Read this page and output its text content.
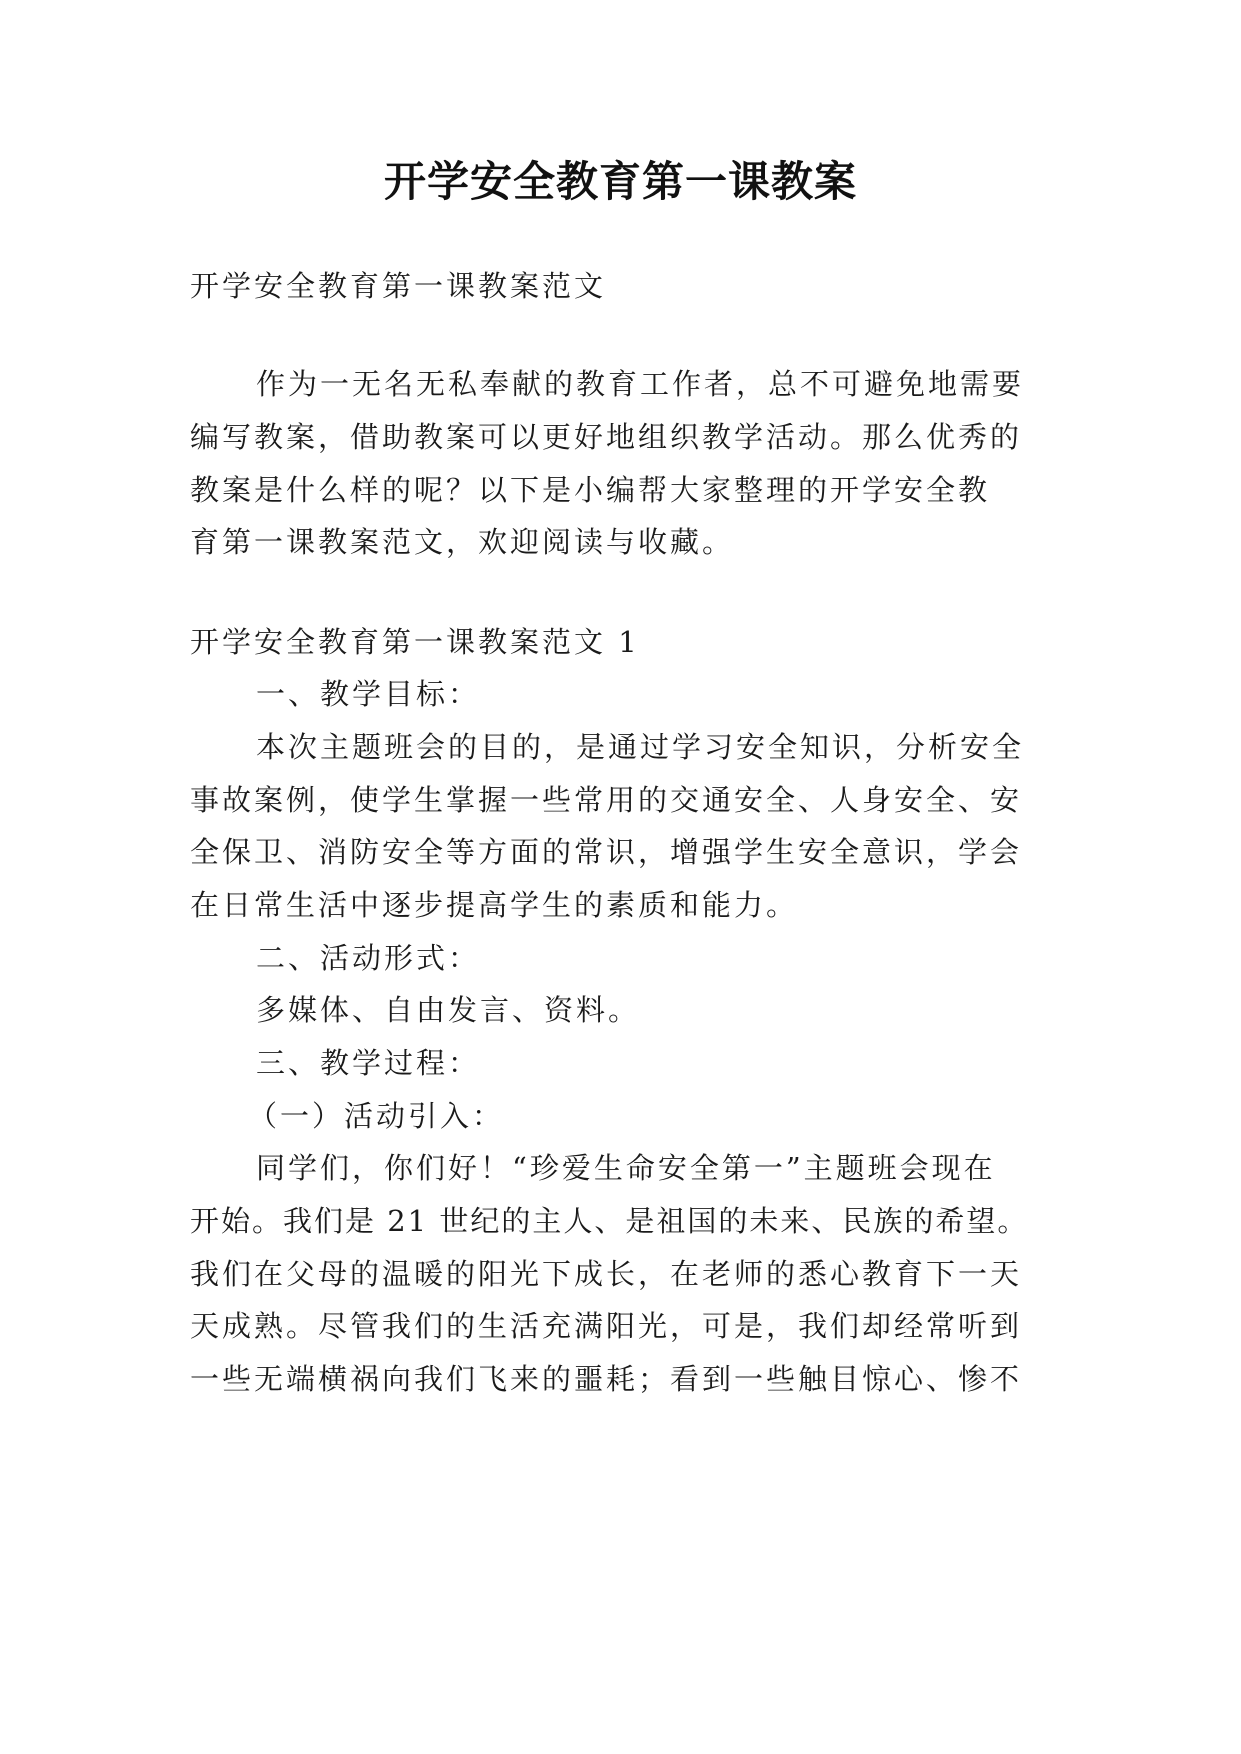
开学安全教育第一课教案
开学安全教育第一课教案范文
作为一无名无私奉献的教育工作者，总不可避免地需要
编写教案，借助教案可以更好地组织教学活动。那么优秀的
教案是什么样的呢？以下是小编帮大家整理的开学安全教
育第一课教案范文，欢迎阅读与收藏。
开学安全教育第一课教案范文 1
一、教学目标：
本次主题班会的目的，是通过学习安全知识，分析安全
事故案例，使学生掌握一些常用的交通安全、人身安全、安
全保卫、消防安全等方面的常识，增强学生安全意识，学会
在日常生活中逐步提高学生的素质和能力。
二、活动形式：
多媒体、自由发言、资料。
三、教学过程：
（一）活动引入：
同学们，你们好！“珍爱生命安全第一”主题班会现在
开始。我们是 21 世纪的主人、是祖国的未来、民族的希望。
我们在父母的温暖的阳光下成长，在老师的悉心教育下一天
天成熟。尽管我们的生活充满阳光，可是，我们却经常听到
一些无端横祸向我们飞来的噩耗；看到一些触目惊心、惨不
